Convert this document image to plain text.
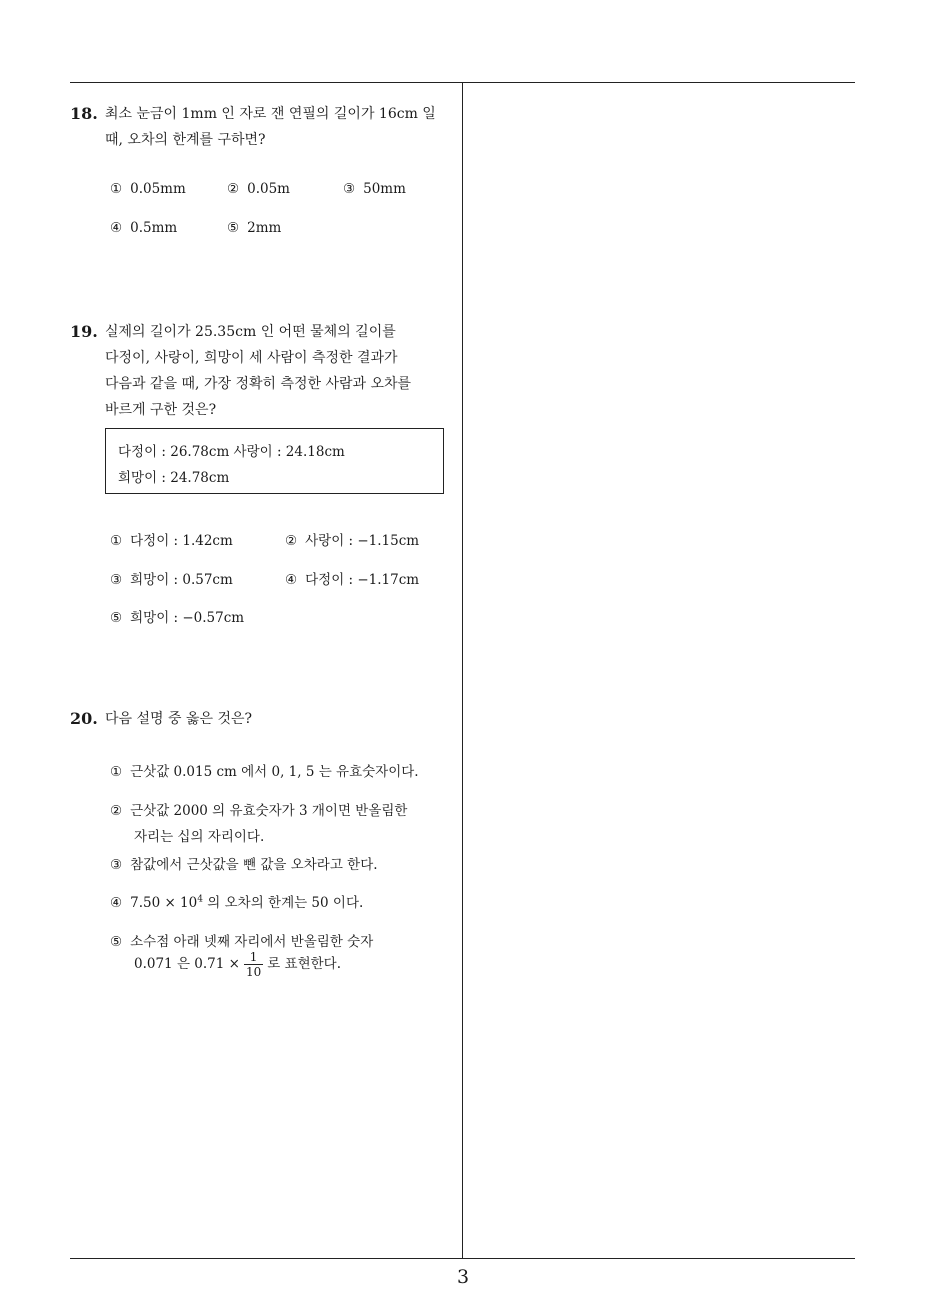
18. 최소 눈금이 1mm 인 자로 잰 연필의 길이가 16cm 일
때, 오차의 한계를 구하면?
① 0.05mm	② 0.05m	③ 50mm
④ 0.5mm	⑤ 2mm
19. 실제의 길이가 25.35cm 인 어떤 물체의 길이를
다정이, 사랑이, 희망이 세 사람이 측정한 결과가
다음과 같을 때, 가장 정확히 측정한 사람과 오차를
바르게 구한 것은?
다정이 : 26.78cm 사랑이 : 24.18cm
희망이 : 24.78cm
① 다정이 : 1.42cm	② 사랑이 : −1.15cm
③ 희망이 : 0.57cm	④ 다정이 : −1.17cm
⑤ 희망이 : −0.57cm
20. 다음 설명 중 옳은 것은?
① 근삿값 0.015 cm 에서 0, 1, 5 는 유효숫자이다.
② 근삿값 2000 의 유효숫자가 3 개이면 반올림한
자리는 십의 자리이다.
③ 참값에서 근삿값을 뺀 값을 오차라고 한다.
④ $7.50 \times 10^4$ 의 오차의 한계는 50 이다.
⑤ 소수점 아래 넷째 자리에서 반올림한 숫자
0.071 은 $0.71 \times \frac{1}{10}$ 로 표현한다.
3
